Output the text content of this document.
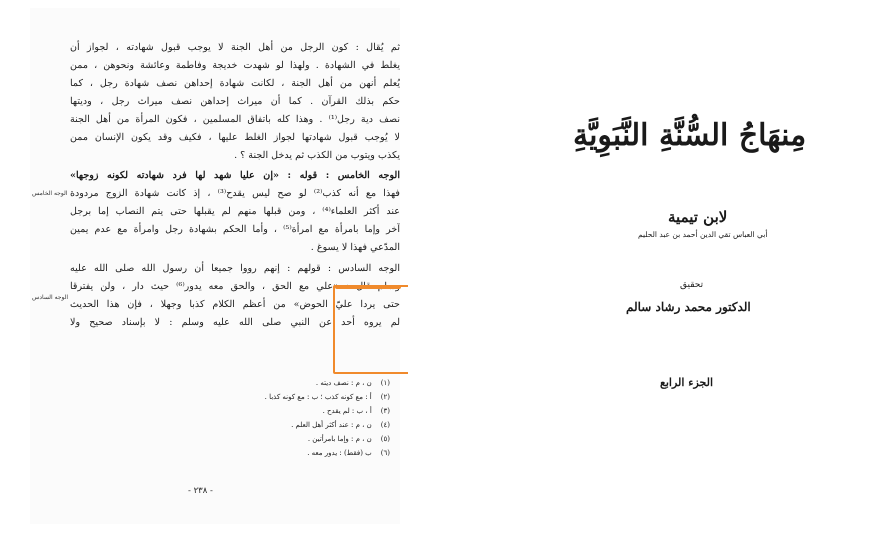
ثم يُقال : كون الرجل من أهل الجنة لا يوجب قبول شهادته ، لجواز أن
يغلط في الشهادة . ولهذا لو شهدت خديجة وفاطمة وعائشة ونحوهن ، ممن
يُعلم أنهن من أهل الجنة ، لكانت شهادة إحداهن نصف شهادة رجل ، كما
حكم بذلك القرآن . كما أن ميراث إحداهن نصف ميراث رجل ، وديتها
نصف دية رجل⁽¹⁾ . وهذا كله باتفاق المسلمين ، فكون المرأة من أهل الجنة
لا يُوجب قبول شهادتها لجواز الغلط عليها ، فكيف وقد يكون الإنسان ممن
يكذب ويتوب من الكذب ثم يدخل الجنة ؟ .
الوجه الخامس : قوله : «إن عليا شهد لها فرد شهادته لكونه زوجها»
فهذا مع أنه كذب⁽²⁾ لو صح ليس يقدح⁽³⁾ ، إذ كانت شهادة الزوج مردودة
عند أكثر العلماء⁽⁴⁾ ، ومن قبلها منهم لم يقبلها حتى يتم النصاب إما برجل
آخر وإما بامرأة مع امرأة⁽⁵⁾ ، وأما الحكم بشهادة رجل وامرأة مع عدم يمين
المدّعي فهذا لا يسوغ .
الوجه السادس : قولهم : إنهم رووا جميعا أن رسول الله صلى الله عليه
وسلم قال : «علي مع الحق ، والحق معه يدور⁽⁶⁾ حيث دار ، ولن يفترقا
حتى يردا عليّ الحوض» من أعظم الكلام كذبا وجهلا ، فإن هذا الحديث
لم يروه أحد عن النبي صلى الله عليه وسلم : لا بإسناد صحيح ولا
الوجه الخامس
الوجه السادس
(١) ن ، م : نصف ديته .
(٢) أ : مع كونه كذب ؛ ب : مع كونه كذبا .
(٣) أ ، ب : لم يقدح .
(٤) ن ، م : عند أكثر أهل العلم .
(٥) ن ، م : وإما بامرأتين .
(٦) ب (فقط) : يدور معه .
- ٢٣٨ -
مِنهَاجُ السُّنَّةِ النَّبَوِيَّةِ
لابن تيمية
أبي العباس تقي الدين أحمد بن عبد الحليم
تحقيق
الدكتور محمد رشاد سالم
الجزء الرابع
